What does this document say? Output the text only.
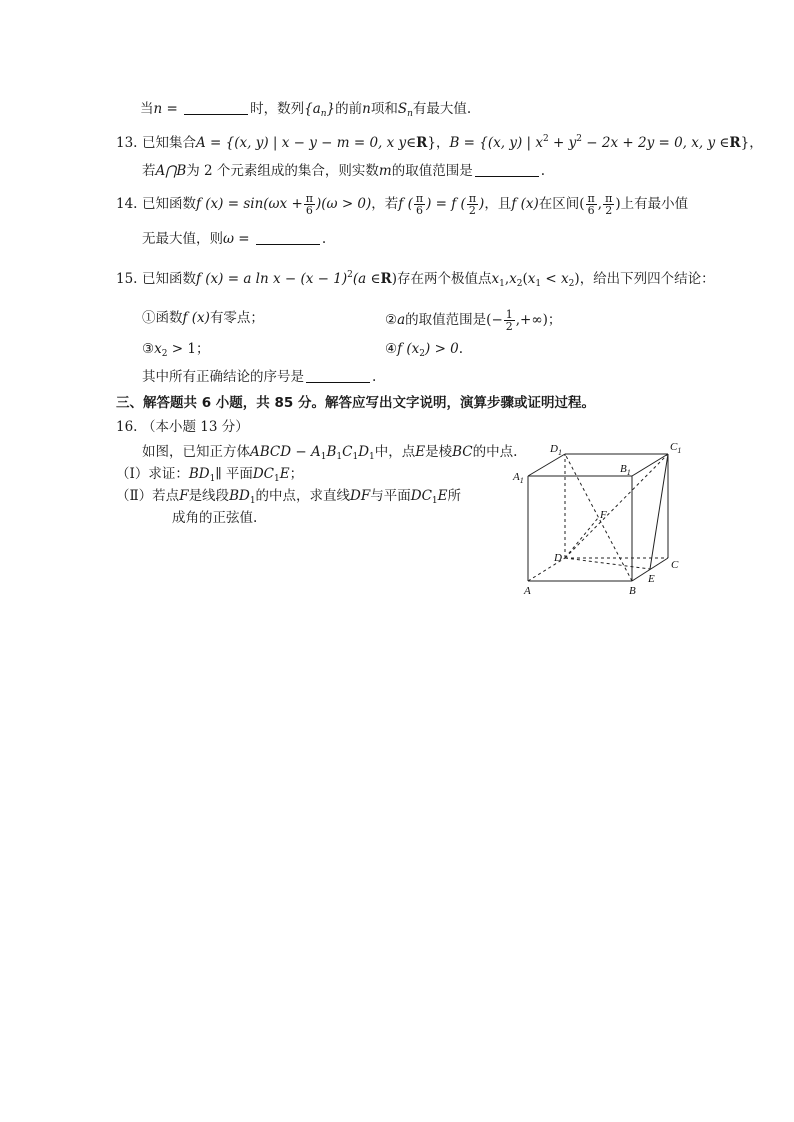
当n =	时，数列$\{a_n\}$的前n项和$S_n$有最大值.
13. 已知集合A = {(x, y) | x − y − m = 0, x y∈R}，B = {(x, y) | $x^2 + y^2 - 2x + 2y = 0$, x, y ∈R}，
若A⋂B为 2 个元素组成的集合，则实数m的取值范围是	.
14. 已知函数f $(x) = \sin(\omega x + \frac{\pi}{6} )(\omega > 0)$，若f ( $\frac{\pi}{6}$ ) = f ( $\frac{\pi}{2}$ )，且f (x)在区间( $\frac{\pi}{6}$ , $\frac{\pi}{2}$ )上有最小值
无最大值，则ω =	.
15. 已知函数f (x) = a $\ln x - (x - 1)^2(a$ ∈R)存在两个极值点$x_1,x_2(x_1 < x_2)$，给出下列四个结论：
①函数f (x)有零点；	②a的取值范围是(− $\frac{1}{2}$ ,+∞)；
$③x_2 > 1$；	④f $(x_2) > 0$.
其中所有正确结论的序号是	.
三、解答题共 6 小题，共 85 分。解答应写出文字说明，演算步骤或证明过程。
16. （本小题 13 分）
如图，已知正方体ABCD − $A_1B_1C_1D_1$中，点E是棱BC的中点.
（Ⅰ）求证：$BD_1\parallel$ 平面$DC_1E$；
（Ⅱ）若点F是线段$BD_1$的中点，求直线DF与平面$DC_1E$所
成角的正弦值.
$D_1$	$C_1$
$B_1$
$A_1$
F
D
C
E
A	B
